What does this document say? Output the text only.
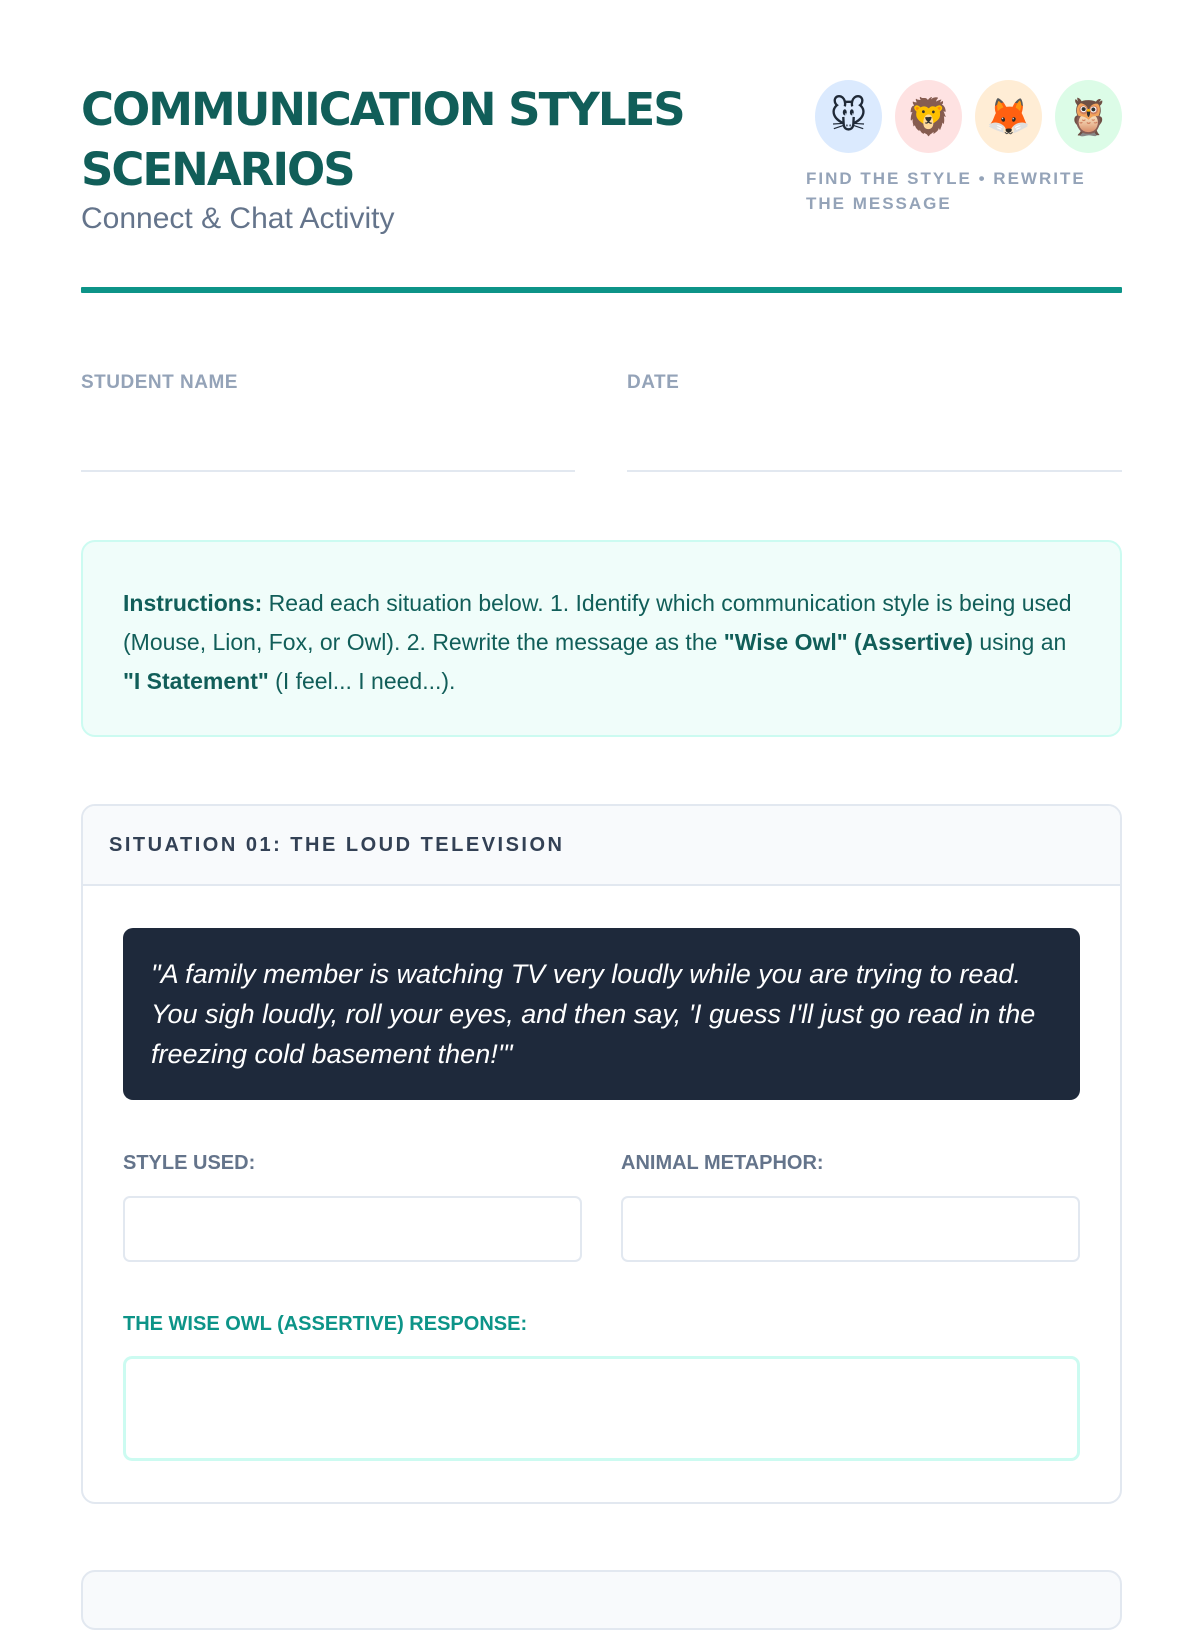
COMMUNICATION STYLES SCENARIOS
Connect & Chat Activity
🐭	🦁 🦊 🦉
FIND THE STYLE • REWRITE THE MESSAGE
STUDENT NAME	DATE
Instructions: Read each situation below. 1. Identify which communication style is being used (Mouse, Lion, Fox, or Owl). 2. Rewrite the message as the "Wise Owl" (Assertive) using an "I Statement" (I feel... I need...).
SITUATION 01: THE LOUD TELEVISION
"A family member is watching TV very loudly while you are trying to read. You sigh loudly, roll your eyes, and then say, 'I guess I'll just go read in the freezing cold basement then!'"
STYLE USED:	ANIMAL METAPHOR:
THE WISE OWL (ASSERTIVE) RESPONSE:
